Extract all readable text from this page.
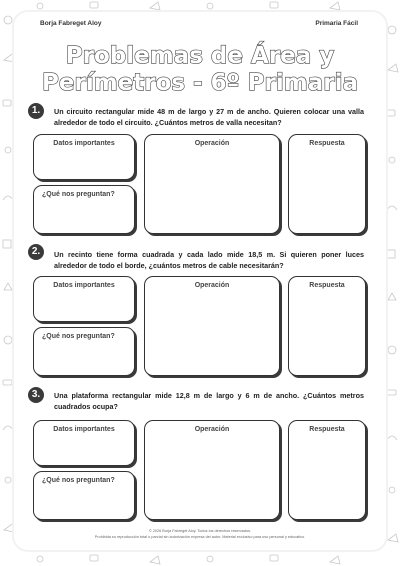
Borja Fabreget Aloy	Primaria Fácil
Problemas de Área y
Perímetros - 6º Primaria
1.	Un circuito rectangular mide 48 m de largo y 27 m de ancho. Quieren colocar una valla alrededor de todo el circuito. ¿Cuántos metros de valla necesitan?
Datos importantes
¿Qué nos preguntan?
Operación	Respuesta
2.	Un recinto tiene forma cuadrada y cada lado mide 18,5 m. Si quieren poner luces alrededor de todo el borde, ¿cuántos metros de cable necesitarán?
Datos importantes
¿Qué nos preguntan?
Operación	Respuesta
3.	Una plataforma rectangular mide 12,8 m de largo y 6 m de ancho. ¿Cuántos metros cuadrados ocupa?
Datos importantes
¿Qué nos preguntan?
Operación	Respuesta
© 2026 Borja Fabreget Aloy. Todos los derechos reservados.
Prohibida su reproducción total o parcial sin autorización expresa del autor. Material exclusivo para uso personal y educativo.
